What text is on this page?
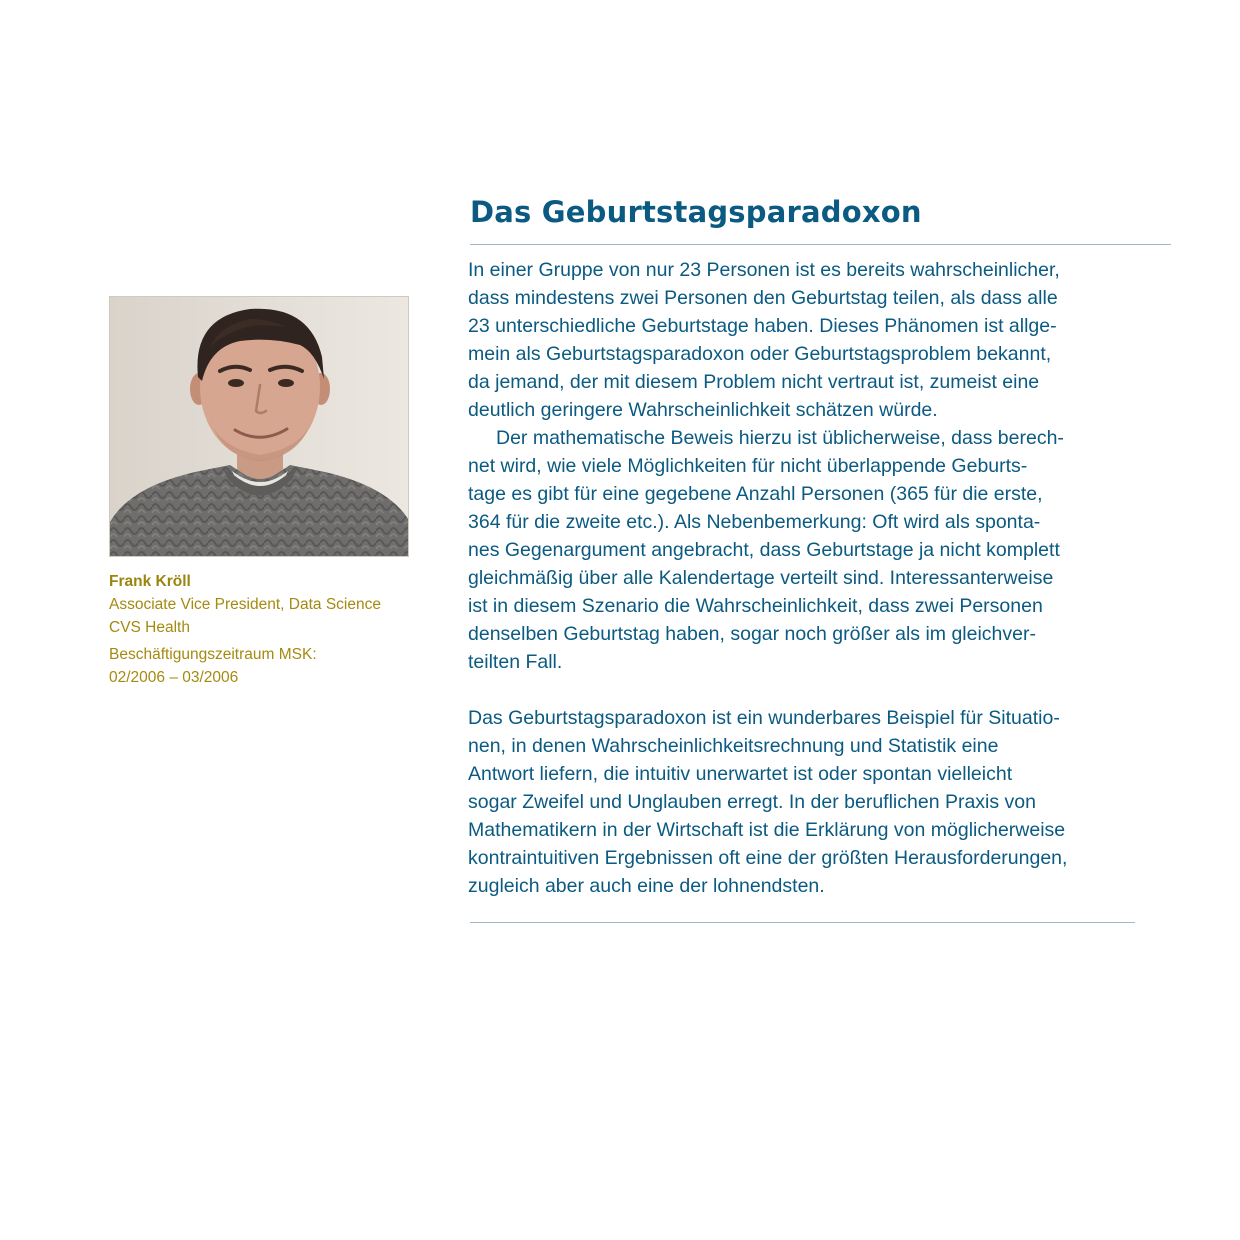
Frank Kröll
Associate Vice President, Data Science
CVS Health
Beschäftigungszeitraum MSK:
02/2006 – 03/2006
Das Geburtstagsparadoxon
In einer Gruppe von nur 23 Personen ist es bereits wahrscheinlicher,
dass mindestens zwei Personen den Geburtstag teilen, als dass alle
23 unterschiedliche Geburtstage haben. Dieses Phänomen ist allge-
mein als Geburtstagsparadoxon oder Geburtstagsproblem bekannt,
da jemand, der mit diesem Problem nicht vertraut ist, zumeist eine
deutlich geringere Wahrscheinlichkeit schätzen würde.
Der mathematische Beweis hierzu ist üblicherweise, dass berech-
net wird, wie viele Möglichkeiten für nicht überlappende Geburts-
tage es gibt für eine gegebene Anzahl Personen (365 für die erste,
364 für die zweite etc.). Als Nebenbemerkung: Oft wird als sponta-
nes Gegenargument angebracht, dass Geburtstage ja nicht komplett
gleichmäßig über alle Kalendertage verteilt sind. Interessanterweise
ist in diesem Szenario die Wahrscheinlichkeit, dass zwei Personen
denselben Geburtstag haben, sogar noch größer als im gleichver-
teilten Fall.
Das Geburtstagsparadoxon ist ein wunderbares Beispiel für Situatio-
nen, in denen Wahrscheinlichkeitsrechnung und Statistik eine
Antwort liefern, die intuitiv unerwartet ist oder spontan vielleicht
sogar Zweifel und Unglauben erregt. In der beruflichen Praxis von
Mathematikern in der Wirtschaft ist die Erklärung von möglicherweise
kontraintuitiven Ergebnissen oft eine der größten Herausforderungen,
zugleich aber auch eine der lohnendsten.
